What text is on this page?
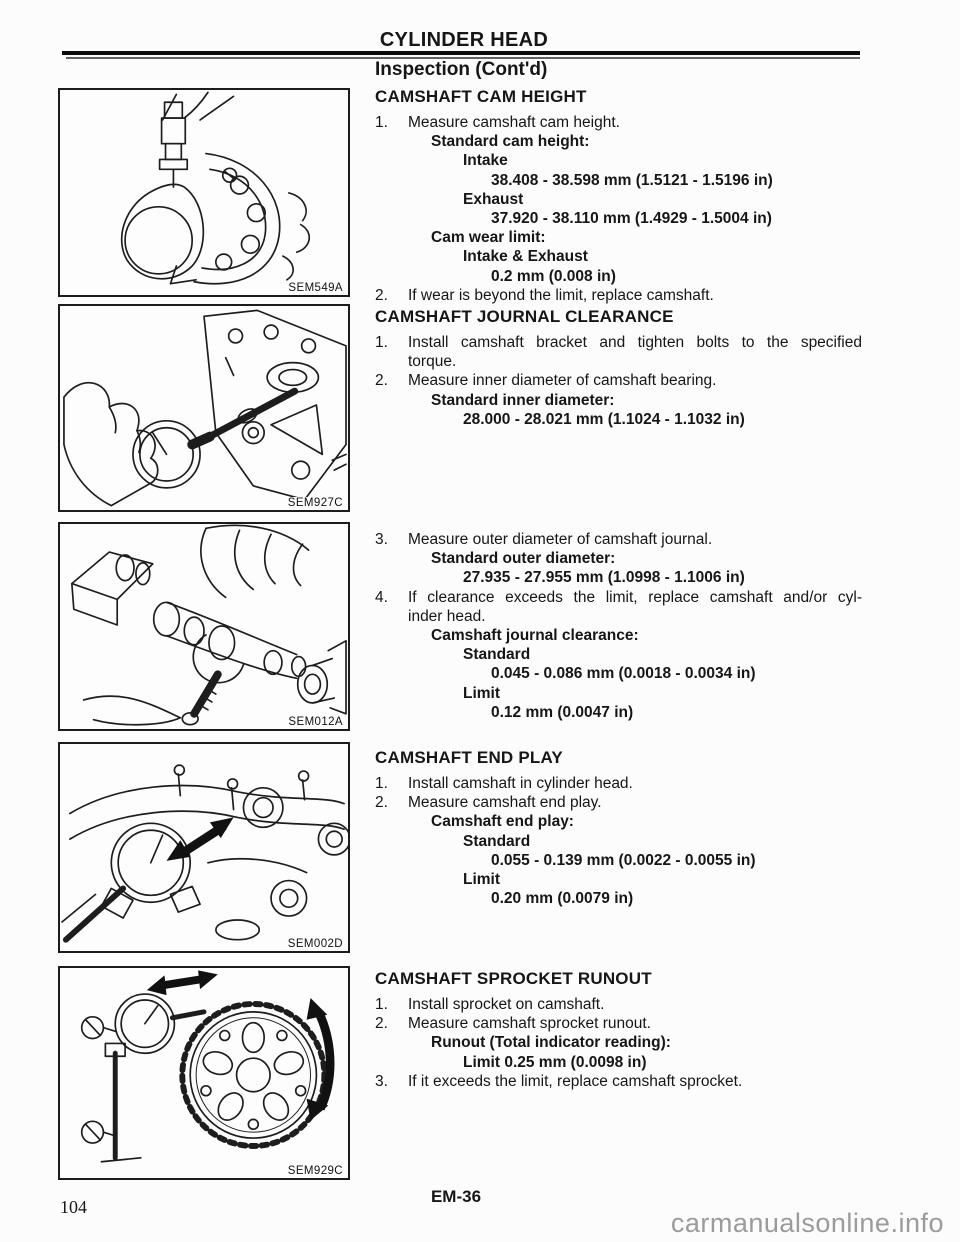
CYLINDER HEAD
Inspection (Cont'd)
SEM549A
SEM927C
SEM012A
SEM002D
SEM929C
CAMSHAFT CAM HEIGHT
1.	Measure camshaft cam height.
Standard cam height:
Intake
38.408 - 38.598 mm (1.5121 - 1.5196 in)
Exhaust
37.920 - 38.110 mm (1.4929 - 1.5004 in)
Cam wear limit:
Intake & Exhaust
0.2 mm (0.008 in)
2.	If wear is beyond the limit, replace camshaft.
CAMSHAFT JOURNAL CLEARANCE
1.	Install camshaft bracket and tighten bolts to the specified
torque.
2.	Measure inner diameter of camshaft bearing.
Standard inner diameter:
28.000 - 28.021 mm (1.1024 - 1.1032 in)
3.	Measure outer diameter of camshaft journal.
Standard outer diameter:
27.935 - 27.955 mm (1.0998 - 1.1006 in)
4.	If clearance exceeds the limit, replace camshaft and/or cyl-
inder head.
Camshaft journal clearance:
Standard
0.045 - 0.086 mm (0.0018 - 0.0034 in)
Limit
0.12 mm (0.0047 in)
CAMSHAFT END PLAY
1.	Install camshaft in cylinder head.
2.	Measure camshaft end play.
Camshaft end play:
Standard
0.055 - 0.139 mm (0.0022 - 0.0055 in)
Limit
0.20 mm (0.0079 in)
CAMSHAFT SPROCKET RUNOUT
1.	Install sprocket on camshaft.
2.	Measure camshaft sprocket runout.
Runout (Total indicator reading):
Limit 0.25 mm (0.0098 in)
3.	If it exceeds the limit, replace camshaft sprocket.
104
EM-36
carmanualsonline.info
